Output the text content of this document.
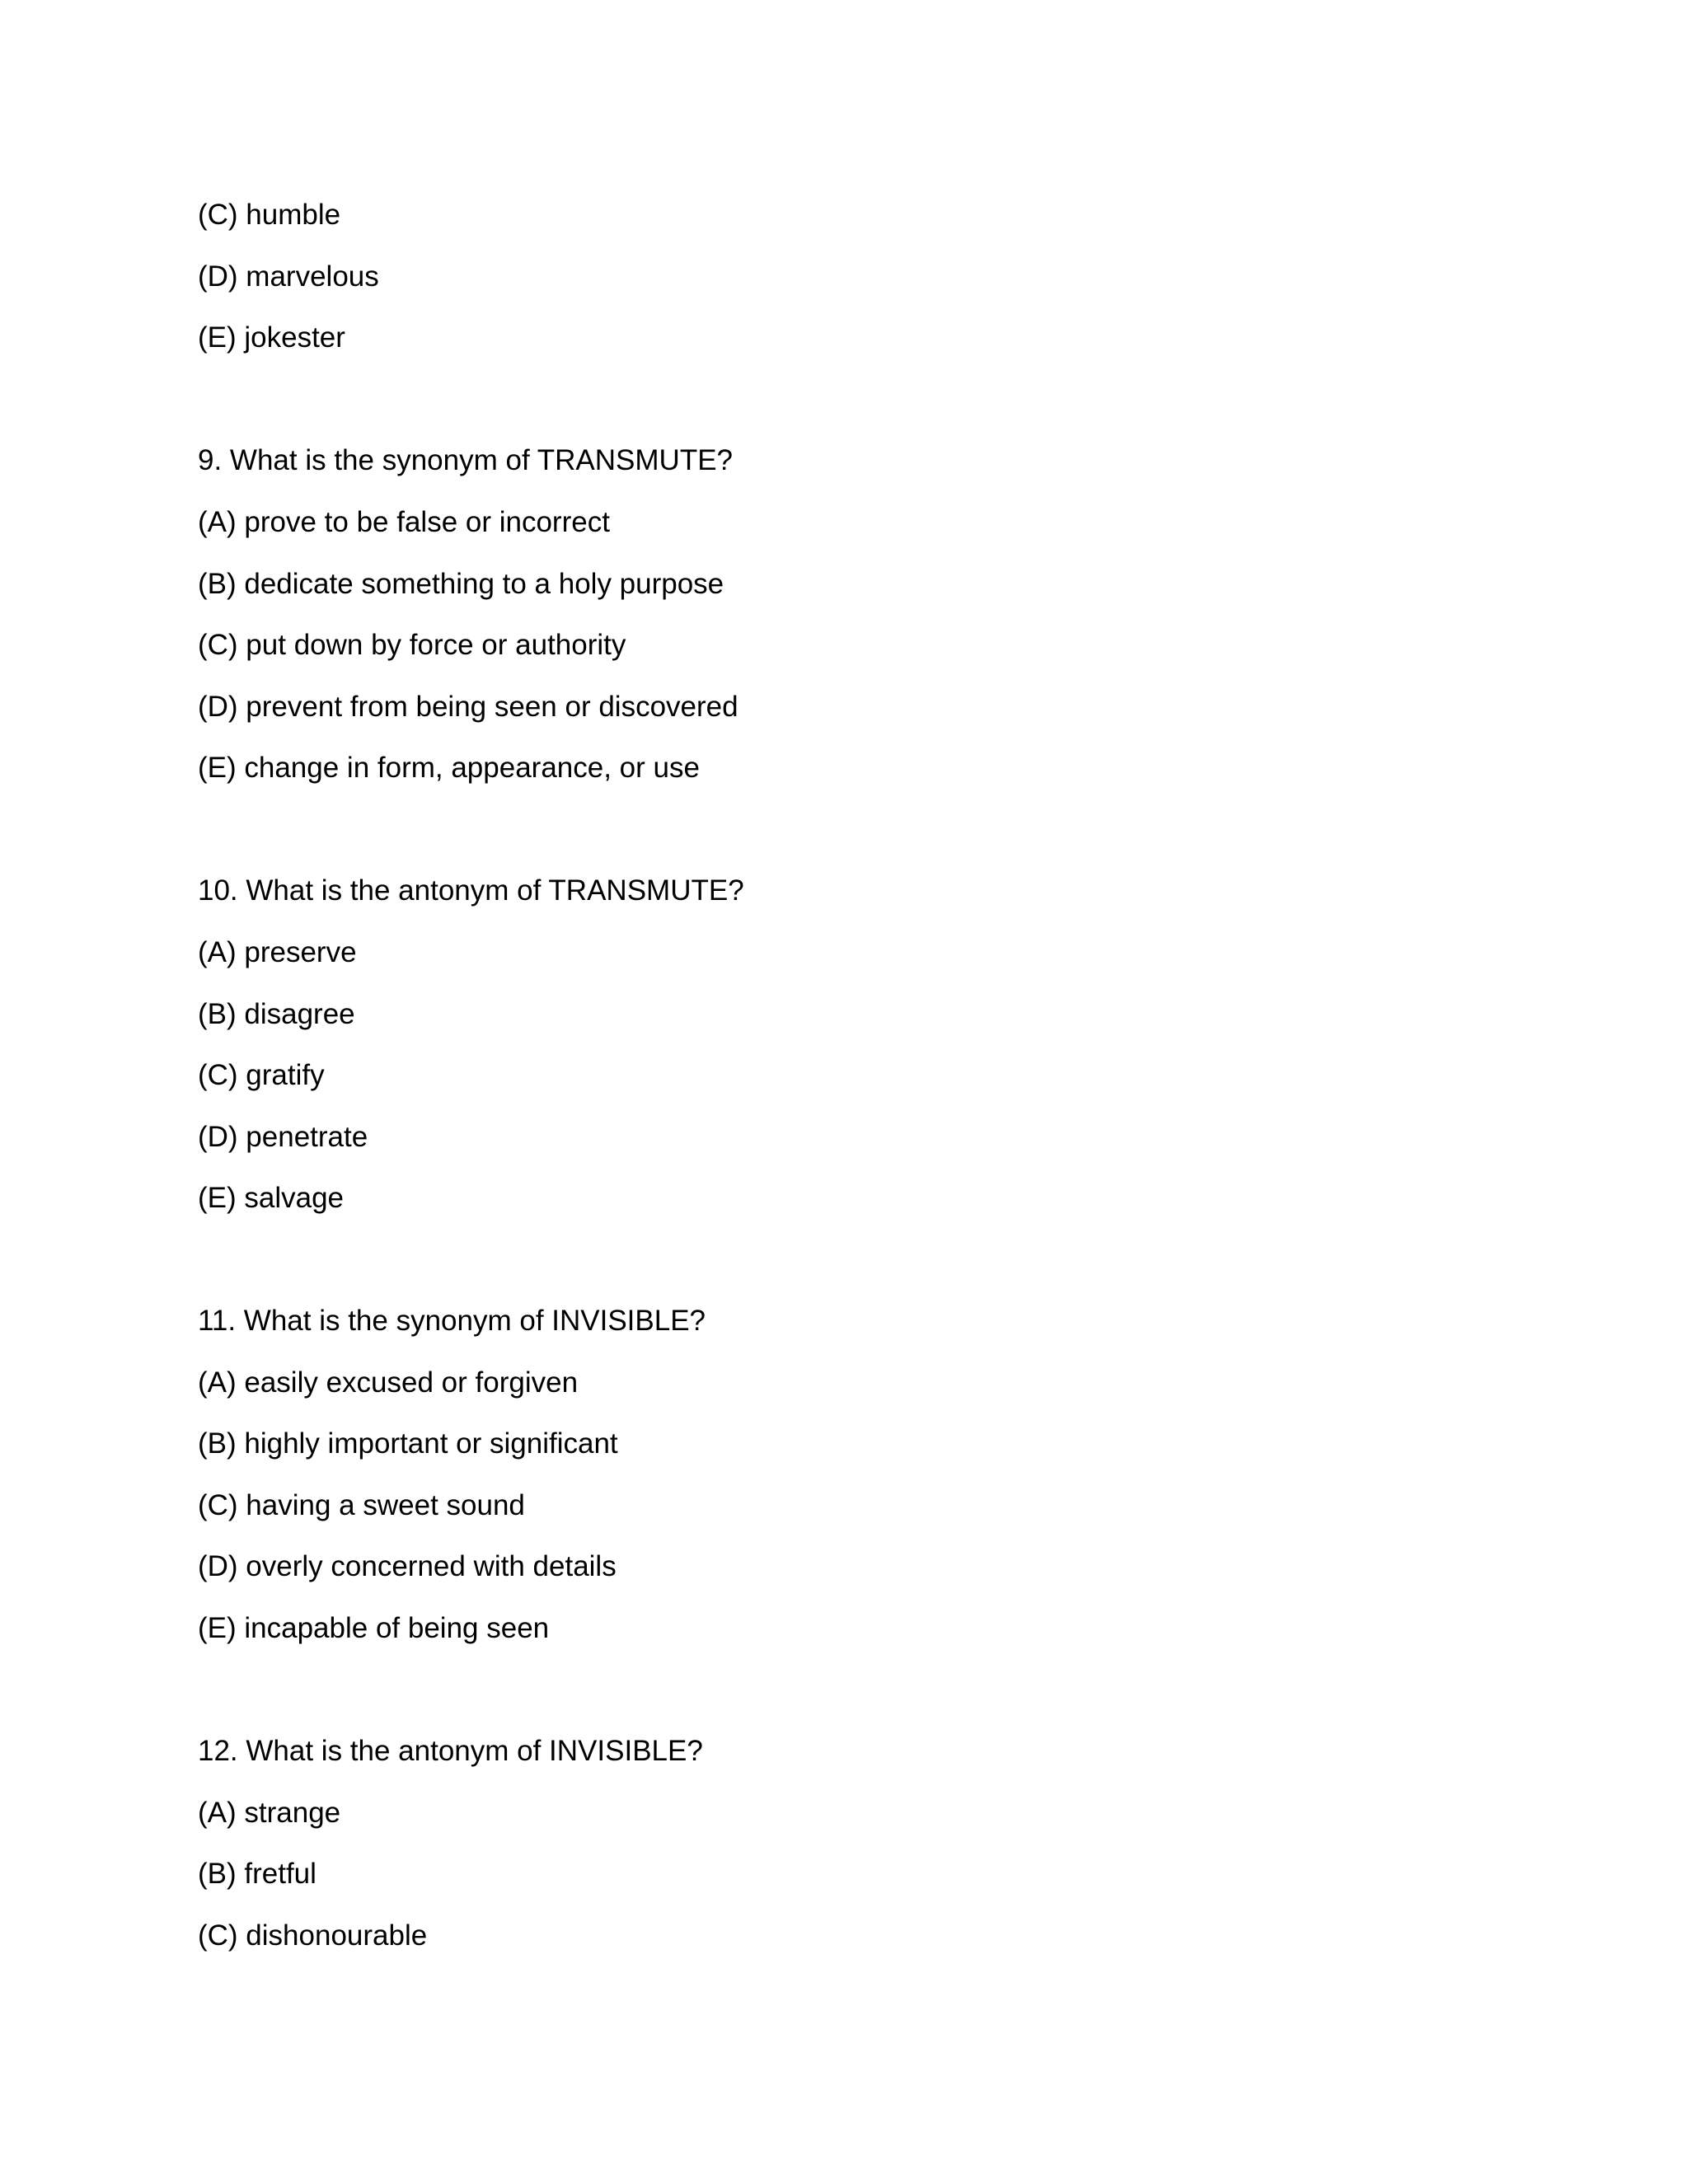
(C) humble
(D) marvelous
(E) jokester
9. What is the synonym of TRANSMUTE?
(A) prove to be false or incorrect
(B) dedicate something to a holy purpose
(C) put down by force or authority
(D) prevent from being seen or discovered
(E) change in form, appearance, or use
10. What is the antonym of TRANSMUTE?
(A) preserve
(B) disagree
(C) gratify
(D) penetrate
(E) salvage
11. What is the synonym of INVISIBLE?
(A) easily excused or forgiven
(B) highly important or significant
(C) having a sweet sound
(D) overly concerned with details
(E) incapable of being seen
12. What is the antonym of INVISIBLE?
(A) strange
(B) fretful
(C) dishonourable
